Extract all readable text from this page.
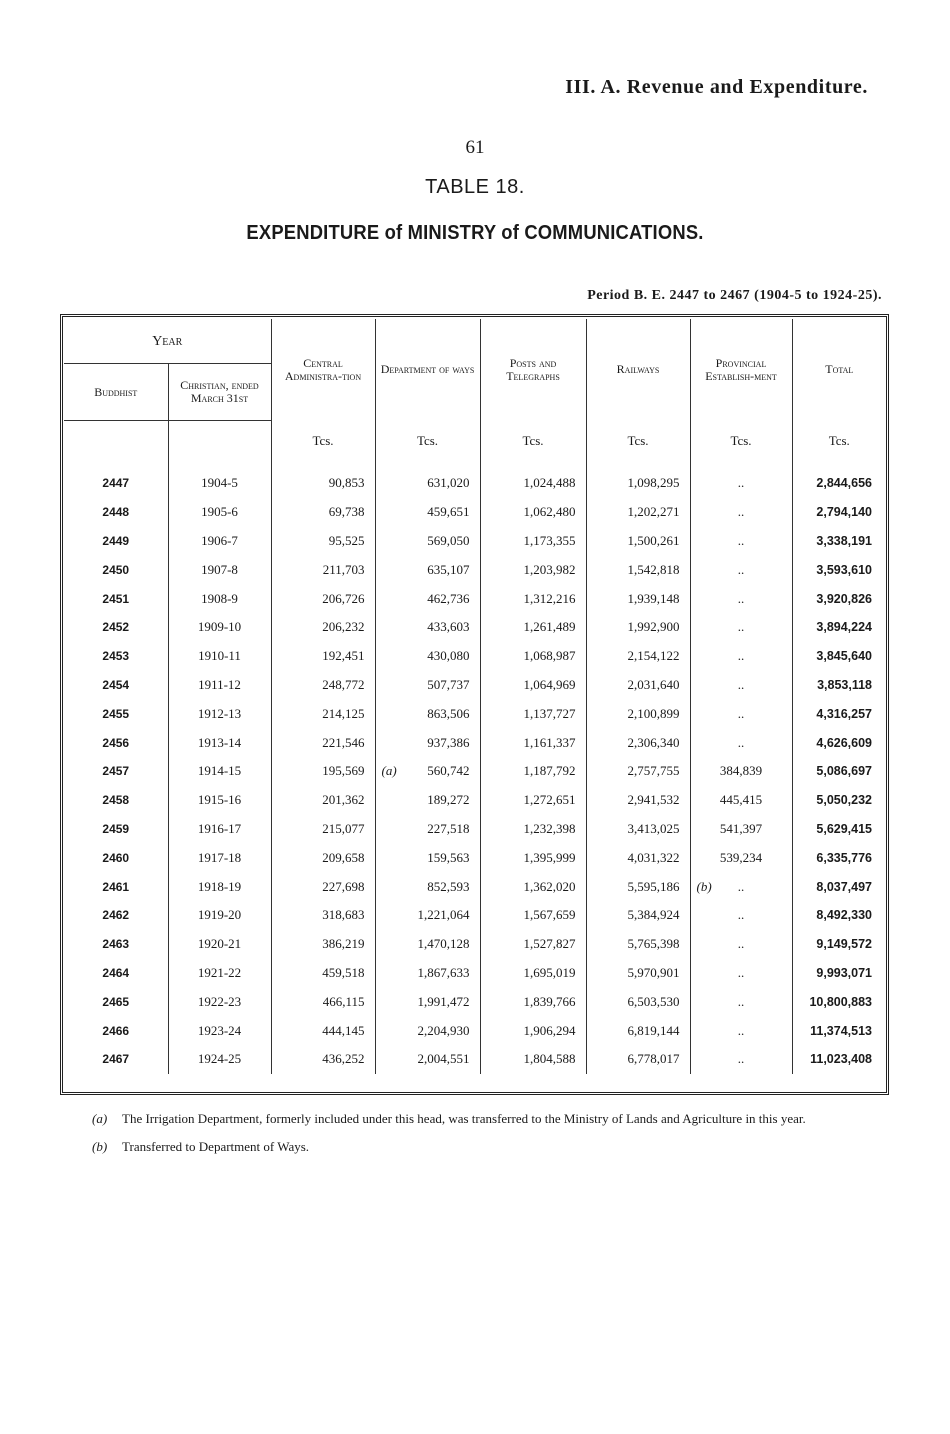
III. A. Revenue and Expenditure.
61
TABLE 18.
EXPENDITURE of MINISTRY of COMMUNICATIONS.
Period B. E. 2447 to 2467 (1904-5 to 1924-25).
Year		Central Administra-tion	Department of ways	Posts and Telegraphs	Railways	Provincial Establish-ment	Total
Buddhist	Christian, ended March 31st						
		Tcs.	Tcs.	Tcs.	Tcs.	Tcs.	Tcs.
2447	1904-5	90,853	631,020	1,024,488	1,098,295	..	2,844,656
2448	1905-6	69,738	459,651	1,062,480	1,202,271	..	2,794,140
2449	1906-7	95,525	569,050	1,173,355	1,500,261	..	3,338,191
2450	1907-8	211,703	635,107	1,203,982	1,542,818	..	3,593,610
2451	1908-9	206,726	462,736	1,312,216	1,939,148	..	3,920,826
2452	1909-10	206,232	433,603	1,261,489	1,992,900	..	3,894,224
2453	1910-11	192,451	430,080	1,068,987	2,154,122	..	3,845,640
2454	1911-12	248,772	507,737	1,064,969	2,031,640	..	3,853,118
2455	1912-13	214,125	863,506	1,137,727	2,100,899	..	4,316,257
2456	1913-14	221,546	937,386	1,161,337	2,306,340	..	4,626,609
2457	1914-15	195,569	(a) 560,742	1,187,792	2,757,755	384,839	5,086,697
2458	1915-16	201,362	189,272	1,272,651	2,941,532	445,415	5,050,232
2459	1916-17	215,077	227,518	1,232,398	3,413,025	541,397	5,629,415
2460	1917-18	209,658	159,563	1,395,999	4,031,322	539,234	6,335,776
2461	1918-19	227,698	852,593	1,362,020	5,595,186	(b) ..	8,037,497
2462	1919-20	318,683	1,221,064	1,567,659	5,384,924	..	8,492,330
2463	1920-21	386,219	1,470,128	1,527,827	5,765,398	..	9,149,572
2464	1921-22	459,518	1,867,633	1,695,019	5,970,901	..	9,993,071
2465	1922-23	466,115	1,991,472	1,839,766	6,503,530	..	10,800,883
2466	1923-24	444,145	2,204,930	1,906,294	6,819,144	..	11,374,513
2467	1924-25	436,252	2,004,551	1,804,588	6,778,017	..	11,023,408
(a)	The Irrigation Department, formerly included under this head, was transferred to the Ministry of Lands and Agriculture in this year.
(b)	Transferred to Department of Ways.
